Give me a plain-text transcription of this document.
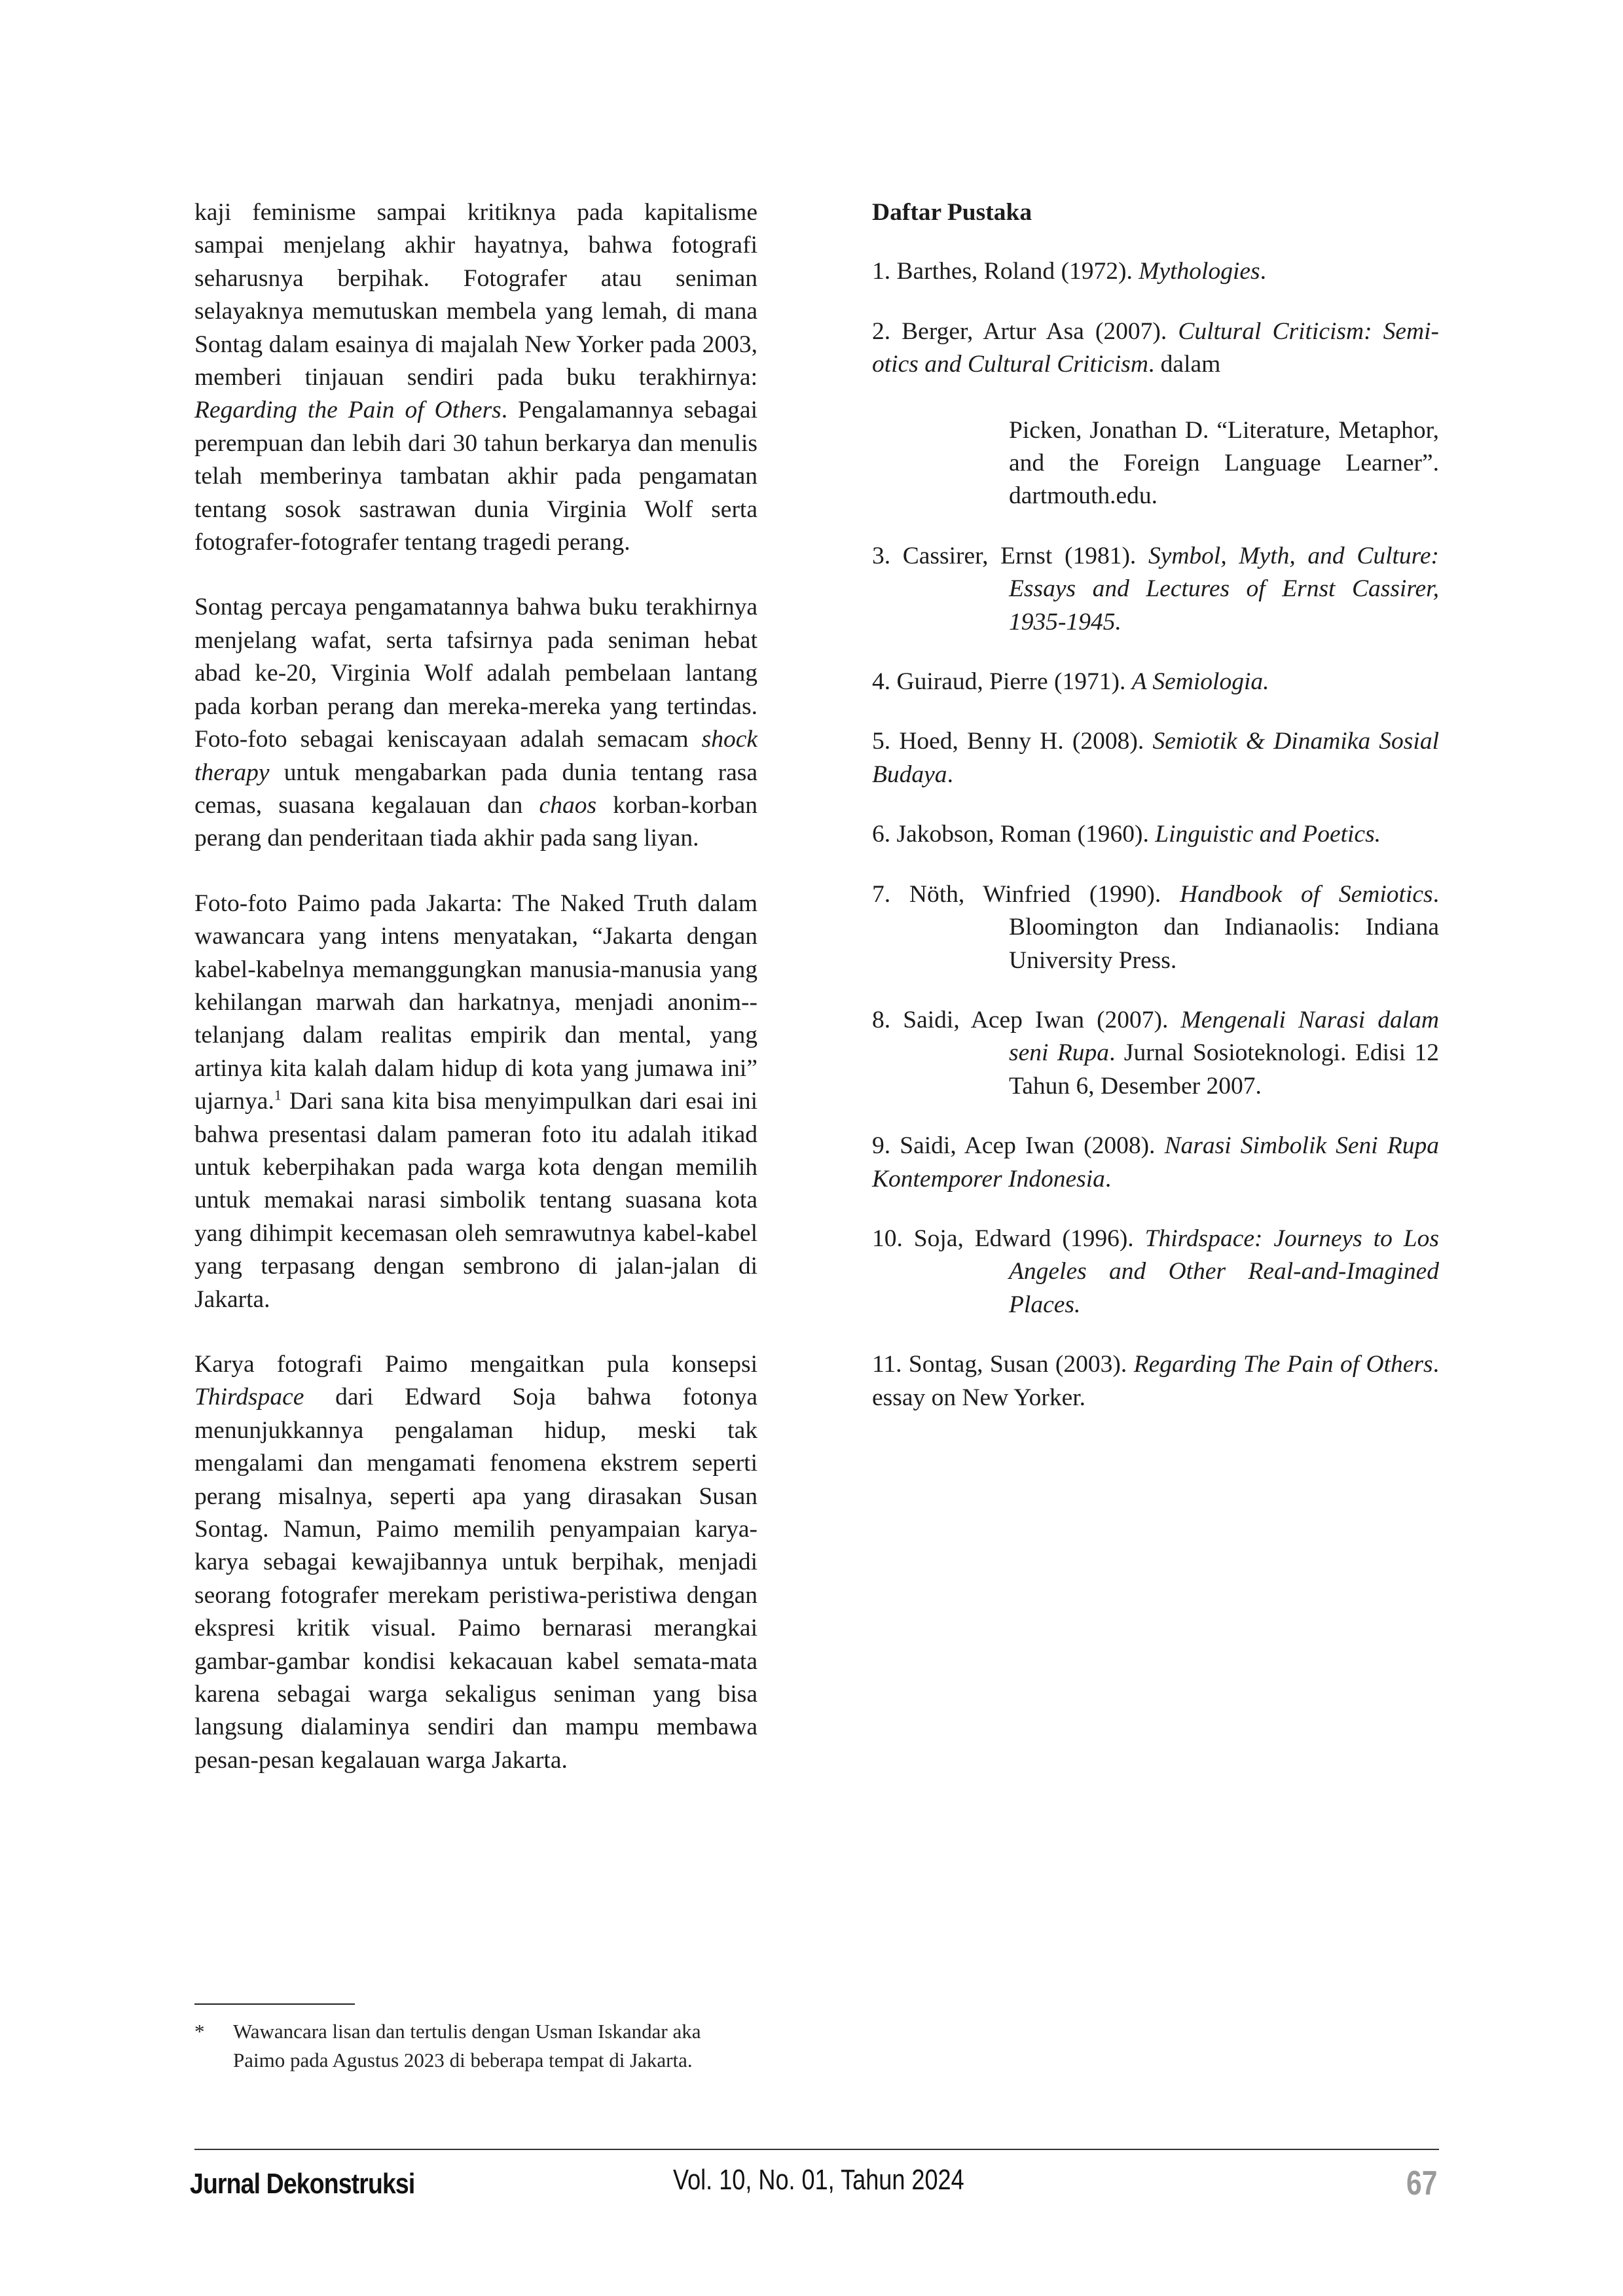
kaji feminisme sampai kritiknya pada kapitalisme sampai menjelang akhir hayatnya, bahwa fotografi seharusnya berpihak. Fotografer atau seniman selayaknya memutuskan membela yang lemah, di mana Sontag dalam esainya di majalah New Yorker pada 2003, memberi tinjauan sendiri pada buku terakhirnya: Regarding the Pain of Others. Pengalamannya sebagai perempuan dan lebih dari 30 tahun berkarya dan menulis telah memberinya tambatan akhir pada pengamatan tentang sosok sastrawan dunia Virginia Wolf serta fotografer-fotografer tentang tragedi perang.

Sontag percaya pengamatannya bahwa buku terakhirnya menjelang wafat, serta tafsirnya pada seniman hebat abad ke-20, Virginia Wolf adalah pembelaan lantang pada korban perang dan mereka-mereka yang tertindas. Foto-foto sebagai keniscayaan adalah semacam shock therapy untuk mengabarkan pada dunia tentang rasa cemas, suasana kegalauan dan chaos korban-korban perang dan penderitaan tiada akhir pada sang liyan.

Foto-foto Paimo pada Jakarta: The Naked Truth dalam wawancara yang intens menyatakan, “Jakarta dengan kabel-kabelnya memanggungkan manusia-manusia yang kehilangan marwah dan harkatnya, menjadi anonim--telanjang dalam realitas empirik dan mental, yang artinya kita kalah dalam hidup di kota yang jumawa ini” ujarnya.$^1$ Dari sana kita bisa menyimpulkan dari esai ini bahwa presentasi dalam pameran foto itu adalah itikad untuk keberpihakan pada warga kota dengan memilih untuk memakai narasi simbolik tentang suasana kota yang dihimpit kecemasan oleh semrawutnya kabel-kabel yang terpasang dengan sembrono di jalan-jalan di Jakarta.

Karya fotografi Paimo mengaitkan pula konsepsi Thirdspace dari Edward Soja bahwa fotonya menunjukkannya pengalaman hidup, meski tak mengalami dan mengamati fenomena ekstrem seperti perang misalnya, seperti apa yang dirasakan Susan Sontag. Namun, Paimo memilih penyampaian karya-karya sebagai kewajibannya untuk berpihak, menjadi seorang fotografer merekam peristiwa-peristiwa dengan ekspresi kritik visual. Paimo bernarasi merangkai gambar-gambar kondisi kekacauan kabel semata-mata karena sebagai warga sekaligus seniman yang bisa langsung dialaminya sendiri dan mampu membawa pesan-pesan kegalauan warga Jakarta.

Daftar Pustaka
1. Barthes, Roland (1972). Mythologies.
2. Berger, Artur Asa (2007). Cultural Criticism: Semiotics and Cultural Criticism. dalam
Picken, Jonathan D. “Literature, Metaphor, and the Foreign Language Learner”. dartmouth.edu.
3. Cassirer, Ernst (1981). Symbol, Myth, and Culture: Essays and Lectures of Ernst Cassirer, 1935-1945.
4. Guiraud, Pierre (1971). A Semiologia.
5. Hoed, Benny H. (2008). Semiotik & Dinamika Sosial Budaya.
6. Jakobson, Roman (1960). Linguistic and Poetics.
7. Nöth, Winfried (1990). Handbook of Semiotics. Bloomington dan Indianaolis: Indiana University Press.
8. Saidi, Acep Iwan (2007). Mengenali Narasi dalam seni Rupa. Jurnal Sosioteknologi. Edisi 12 Tahun 6, Desember 2007.
9. Saidi, Acep Iwan (2008). Narasi Simbolik Seni Rupa Kontemporer Indonesia.
10. Soja, Edward (1996). Thirdspace: Journeys to Los Angeles and Other Real-and-Imagined Places.
11. Sontag, Susan (2003). Regarding The Pain of Others. essay on New Yorker.
*	Wawancara lisan dan tertulis dengan Usman Iskandar aka Paimo pada Agustus 2023 di beberapa tempat di Jakarta.
Jurnal Dekonstruksi	Vol. 10, No. 01, Tahun 2024	67
